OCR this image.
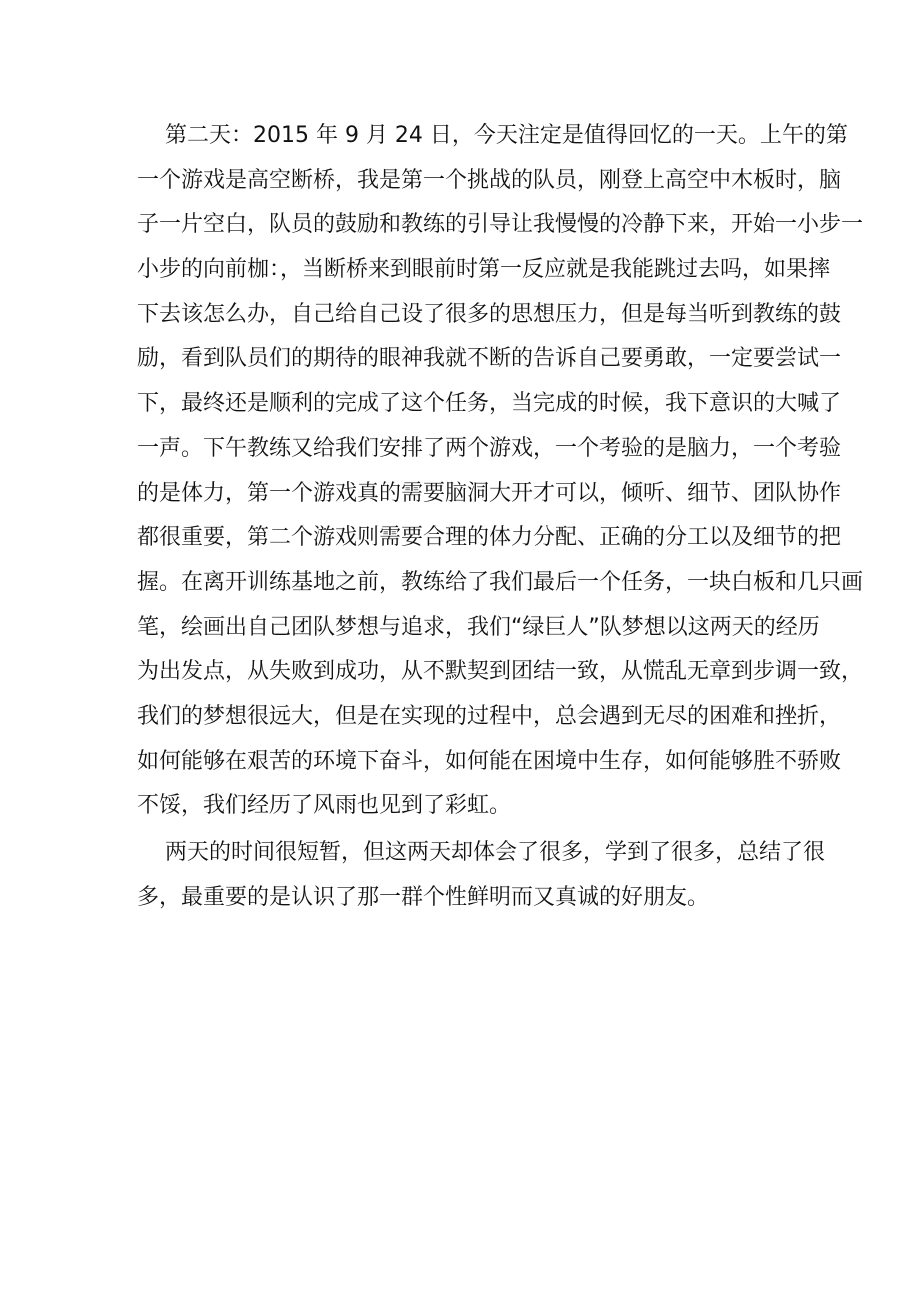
第二天：2015 年 9 月 24 日，今天注定是值得回忆的一天。上午的第
一个游戏是高空断桥，我是第一个挑战的队员，刚登上高空中木板时，脑
子一片空白，队员的鼓励和教练的引导让我慢慢的冷静下来，开始一小步一
小步的向前枷：，当断桥来到眼前时第一反应就是我能跳过去吗，如果摔
下去该怎么办，自己给自己设了很多的思想压力，但是每当听到教练的鼓
励，看到队员们的期待的眼神我就不断的告诉自己要勇敢，一定要尝试一
下，最终还是顺利的完成了这个任务，当完成的时候，我下意识的大喊了
一声。下午教练又给我们安排了两个游戏，一个考验的是脑力，一个考验
的是体力，第一个游戏真的需要脑洞大开才可以，倾听、细节、团队协作
都很重要，第二个游戏则需要合理的体力分配、正确的分工以及细节的把
握。在离开训练基地之前，教练给了我们最后一个任务，一块白板和几只画
笔，绘画出自己团队梦想与追求，我们“绿巨人”队梦想以这两天的经历
为出发点，从失败到成功，从不默契到团结一致，从慌乱无章到步调一致，
我们的梦想很远大，但是在实现的过程中，总会遇到无尽的困难和挫折，
如何能够在艰苦的环境下奋斗，如何能在困境中生存，如何能够胜不骄败
不馁，我们经历了风雨也见到了彩虹。
两天的时间很短暂，但这两天却体会了很多，学到了很多，总结了很
多，最重要的是认识了那一群个性鲜明而又真诚的好朋友。
